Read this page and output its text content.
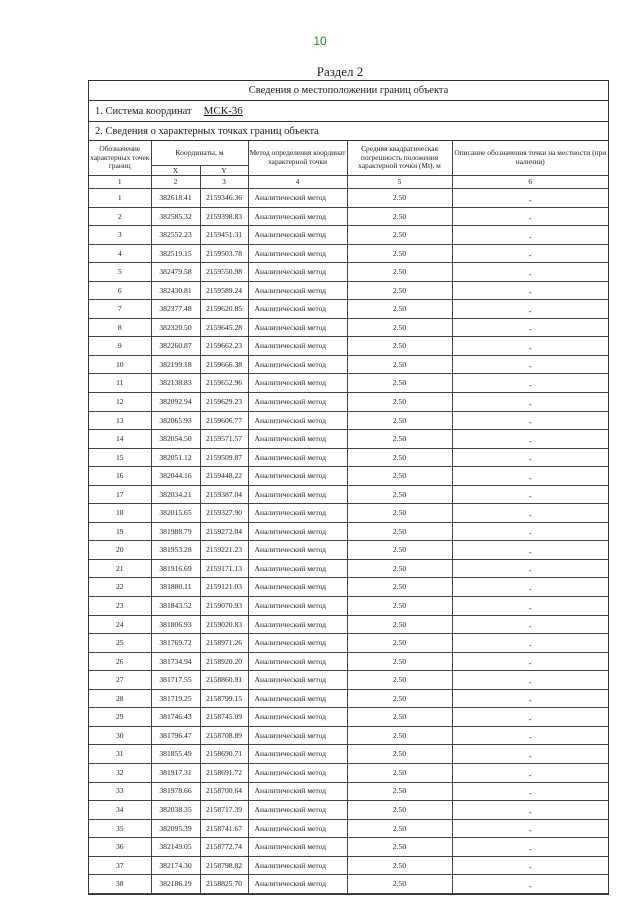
10
Раздел 2
Сведения о местоположении границ объекта
1. Система координат МСК-36
2. Сведения о характерных точках границ объекта
Обозначение характерных точек границ	Координаты, м		Метод определения координат характерной точки	Средняя квадратическая погрешность положения характерной точки (Mt), м	Описание обозначения точки на местности (при наличии)
	X	Y			
1	2	3	4	5	6
1	382618.41	2159346.36	Аналитический метод	2.50	-
2	382585.32	2159398.83	Аналитический метод	2.50	-
3	382552.23	2159451.31	Аналитический метод	2.50	-
4	382519.15	2159503.78	Аналитический метод	2.50	-
5	382479.58	2159550.98	Аналитический метод	2.50	-
6	382430.81	2159589.24	Аналитический метод	2.50	-
7	382377.48	2159620.85	Аналитический метод	2.50	-
8	382320.50	2159645.28	Аналитический метод	2.50	-
9	382260.87	2159662.23	Аналитический метод	2.50	-
10	382199.18	2159666.38	Аналитический метод	2.50	-
11	382138.83	2159652.96	Аналитический метод	2.50	-
12	382092.94	2159629.23	Аналитический метод	2.50	-
13	382065.93	2159606.77	Аналитический метод	2.50	-
14	382054.50	2159571.57	Аналитический метод	2.50	-
15	382051.12	2159509.87	Аналитический метод	2.50	-
16	382044.16	2159448.22	Аналитический метод	2.50	-
17	382034.21	2159387.04	Аналитический метод	2.50	-
18	382015.65	2159327.90	Аналитический метод	2.50	-
19	381988.79	2159272.04	Аналитический метод	2.50	-
20	381953.28	2159221.23	Аналитический метод	2.50	-
21	381916.69	2159171.13	Аналитический метод	2.50	-
22	381880.11	2159121.03	Аналитический метод	2.50	-
23	381843.52	2159070.93	Аналитический метод	2.50	-
24	381806.93	2159020.83	Аналитический метод	2.50	-
25	381769.72	2158971.26	Аналитический метод	2.50	-
26	381734.94	2158920.20	Аналитический метод	2.50	-
27	381717.55	2158860.91	Аналитический метод	2.50	-
28	381719.25	2158799.15	Аналитический метод	2.50	-
29	381746.43	2158745.09	Аналитический метод	2.50	-
30	381796.47	2158708.89	Аналитический метод	2.50	-
31	381855.49	2158690.71	Аналитический метод	2.50	-
32	381917.31	2158691.72	Аналитический метод	2.50	-
33	381978.66	2158700.64	Аналитический метод	2.50	-
34	382038.35	2158717.39	Аналитический метод	2.50	-
35	382095.39	2158741.67	Аналитический метод	2.50	-
36	382149.05	2158772.74	Аналитический метод	2.50	-
37	382174.30	2158798.82	Аналитический метод	2.50	-
38	382186.19	2158825.70	Аналитический метод	2.50	-
